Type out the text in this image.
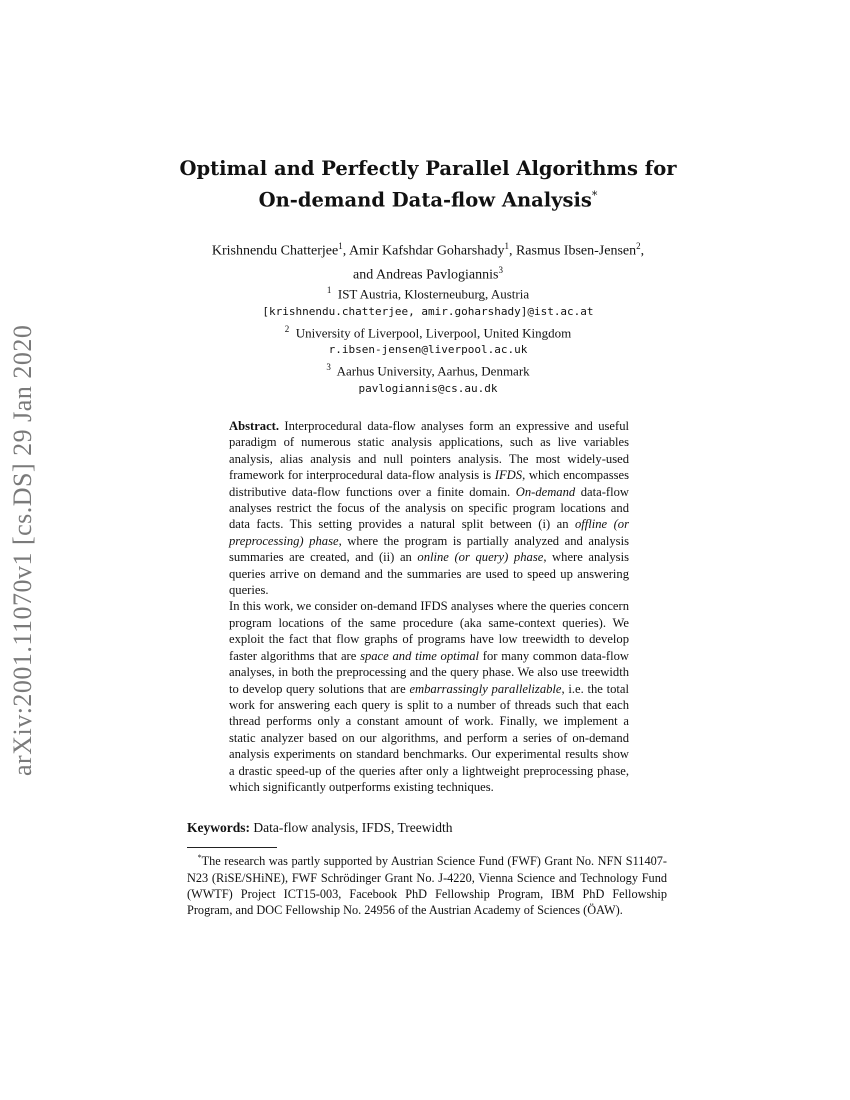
arXiv:2001.11070v1 [cs.DS] 29 Jan 2020
Optimal and Perfectly Parallel Algorithms for
On-demand Data-flow Analysis*
Krishnendu Chatterjee$^1$, Amir Kafshdar Goharshady$^1$, Rasmus Ibsen-Jensen$^2$,
and Andreas Pavlogiannis$^3$
$^1$ IST Austria, Klosterneuburg, Austria
[krishnendu.chatterjee, amir.goharshady]@ist.ac.at
$^2$ University of Liverpool, Liverpool, United Kingdom
r.ibsen-jensen@liverpool.ac.uk
$^3$ Aarhus University, Aarhus, Denmark
pavlogiannis@cs.au.dk

Abstract. Interprocedural data-flow analyses form an expressive and useful paradigm of numerous static analysis applications, such as live variables analysis, alias analysis and null pointers analysis. The most widely-used framework for interprocedural data-flow analysis is IFDS, which encompasses distributive data-flow functions over a finite domain. On-demand data-flow analyses restrict the focus of the analysis on specific program locations and data facts. This setting provides a natural split between (i) an offline (or preprocessing) phase, where the program is partially analyzed and analysis summaries are created, and (ii) an online (or query) phase, where analysis queries arrive on demand and the summaries are used to speed up answering queries.

In this work, we consider on-demand IFDS analyses where the queries concern program locations of the same procedure (aka same-context queries). We exploit the fact that flow graphs of programs have low treewidth to develop faster algorithms that are space and time optimal for many common data-flow analyses, in both the preprocessing and the query phase. We also use treewidth to develop query solutions that are embarrassingly parallelizable, i.e. the total work for answering each query is split to a number of threads such that each thread performs only a constant amount of work. Finally, we implement a static analyzer based on our algorithms, and perform a series of on-demand analysis experiments on standard benchmarks. Our experimental results show a drastic speed-up of the queries after only a lightweight preprocessing phase, which significantly outperforms existing techniques.

Keywords: Data-flow analysis, IFDS, Treewidth
*The research was partly supported by Austrian Science Fund (FWF) Grant No. NFN S11407-N23 (RiSE/SHiNE), FWF Schrödinger Grant No. J-4220, Vienna Science and Technology Fund (WWTF) Project ICT15-003, Facebook PhD Fellowship Program, IBM PhD Fellowship Program, and DOC Fellowship No. 24956 of the Austrian Academy of Sciences (ÖAW).
